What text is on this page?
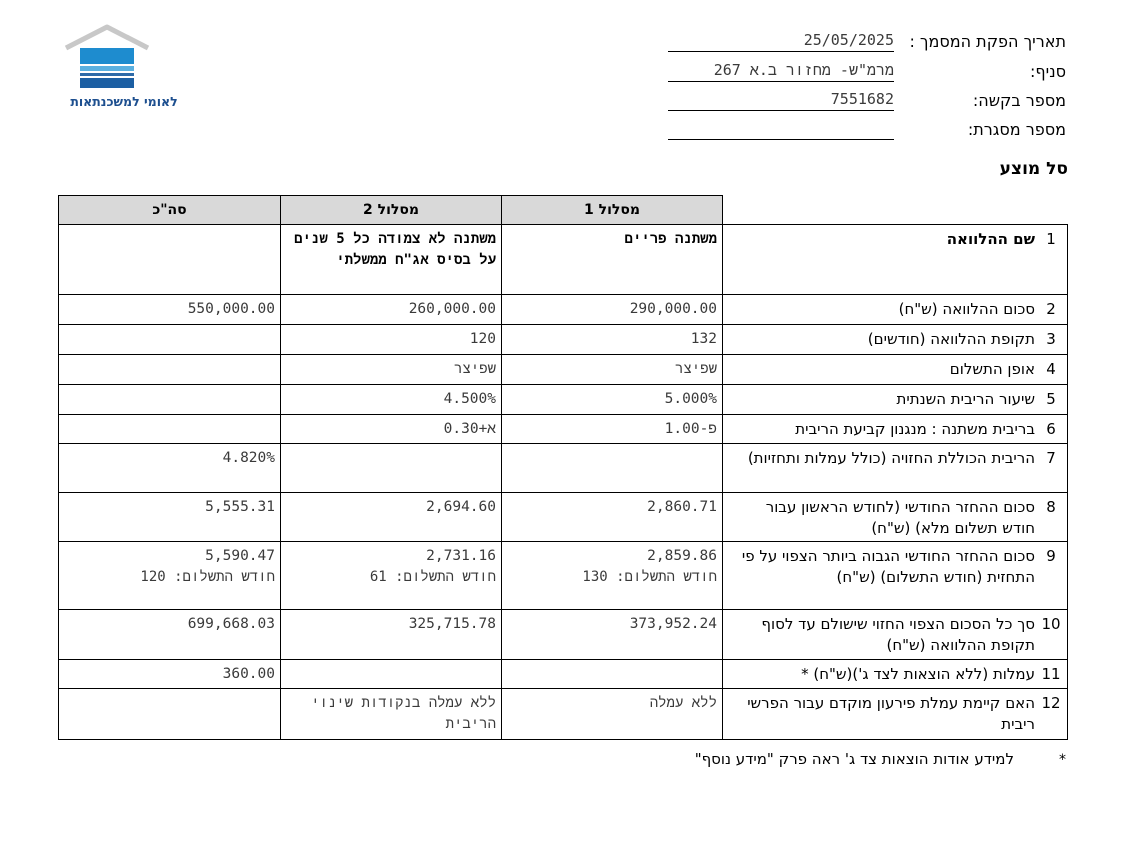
לאומי למשכנתאות
תאריך הפקת המסמך :
25/05/2025
סניף:
267 מרמ"ש- מחזור ב.א
מספר בקשה:
7551682
מספר מסגרת:
סל מוצע
מסלול 1
מסלול 2
סה"כ
1
שם ההלוואה
משתנה פריים
משתנה לא צמודה כל 5 שנים על בסיס אג"ח ממשלתי
2
סכום ההלוואה (ש"ח)
290,000.00
260,000.00
550,000.00
3
תקופת ההלוואה (חודשים)
132
120
4
אופן התשלום
שפיצר
שפיצר
5
שיעור הריבית השנתית
5.000%
4.500%
6
בריבית משתנה : מנגנון קביעת הריבית
פ-1.00
א+0.30
7
הריבית הכוללת החזויה (כולל עמלות ותחזיות)
4.820%
8
סכום ההחזר החודשי (לחודש הראשון עבור חודש תשלום מלא) (ש"ח)
2,860.71
2,694.60
5,555.31
9
סכום ההחזר החודשי הגבוה ביותר הצפוי על פי התחזית (חודש התשלום) (ש"ח)
2,859.86
חודש התשלום: 130
2,731.16
חודש התשלום: 61
5,590.47
חודש התשלום: 120
10
סך כל הסכום הצפוי החזוי שישולם עד לסוף תקופת ההלוואה (ש"ח)
373,952.24
325,715.78
699,668.03
11
עמלות (ללא הוצאות לצד ג')(ש"ח) *
360.00
12
האם קיימת עמלת פירעון מוקדם עבור הפרשי ריבית
ללא עמלה
ללא עמלה בנקודות שינוי הריבית
*
למידע אודות הוצאות צד ג' ראה פרק "מידע נוסף"
